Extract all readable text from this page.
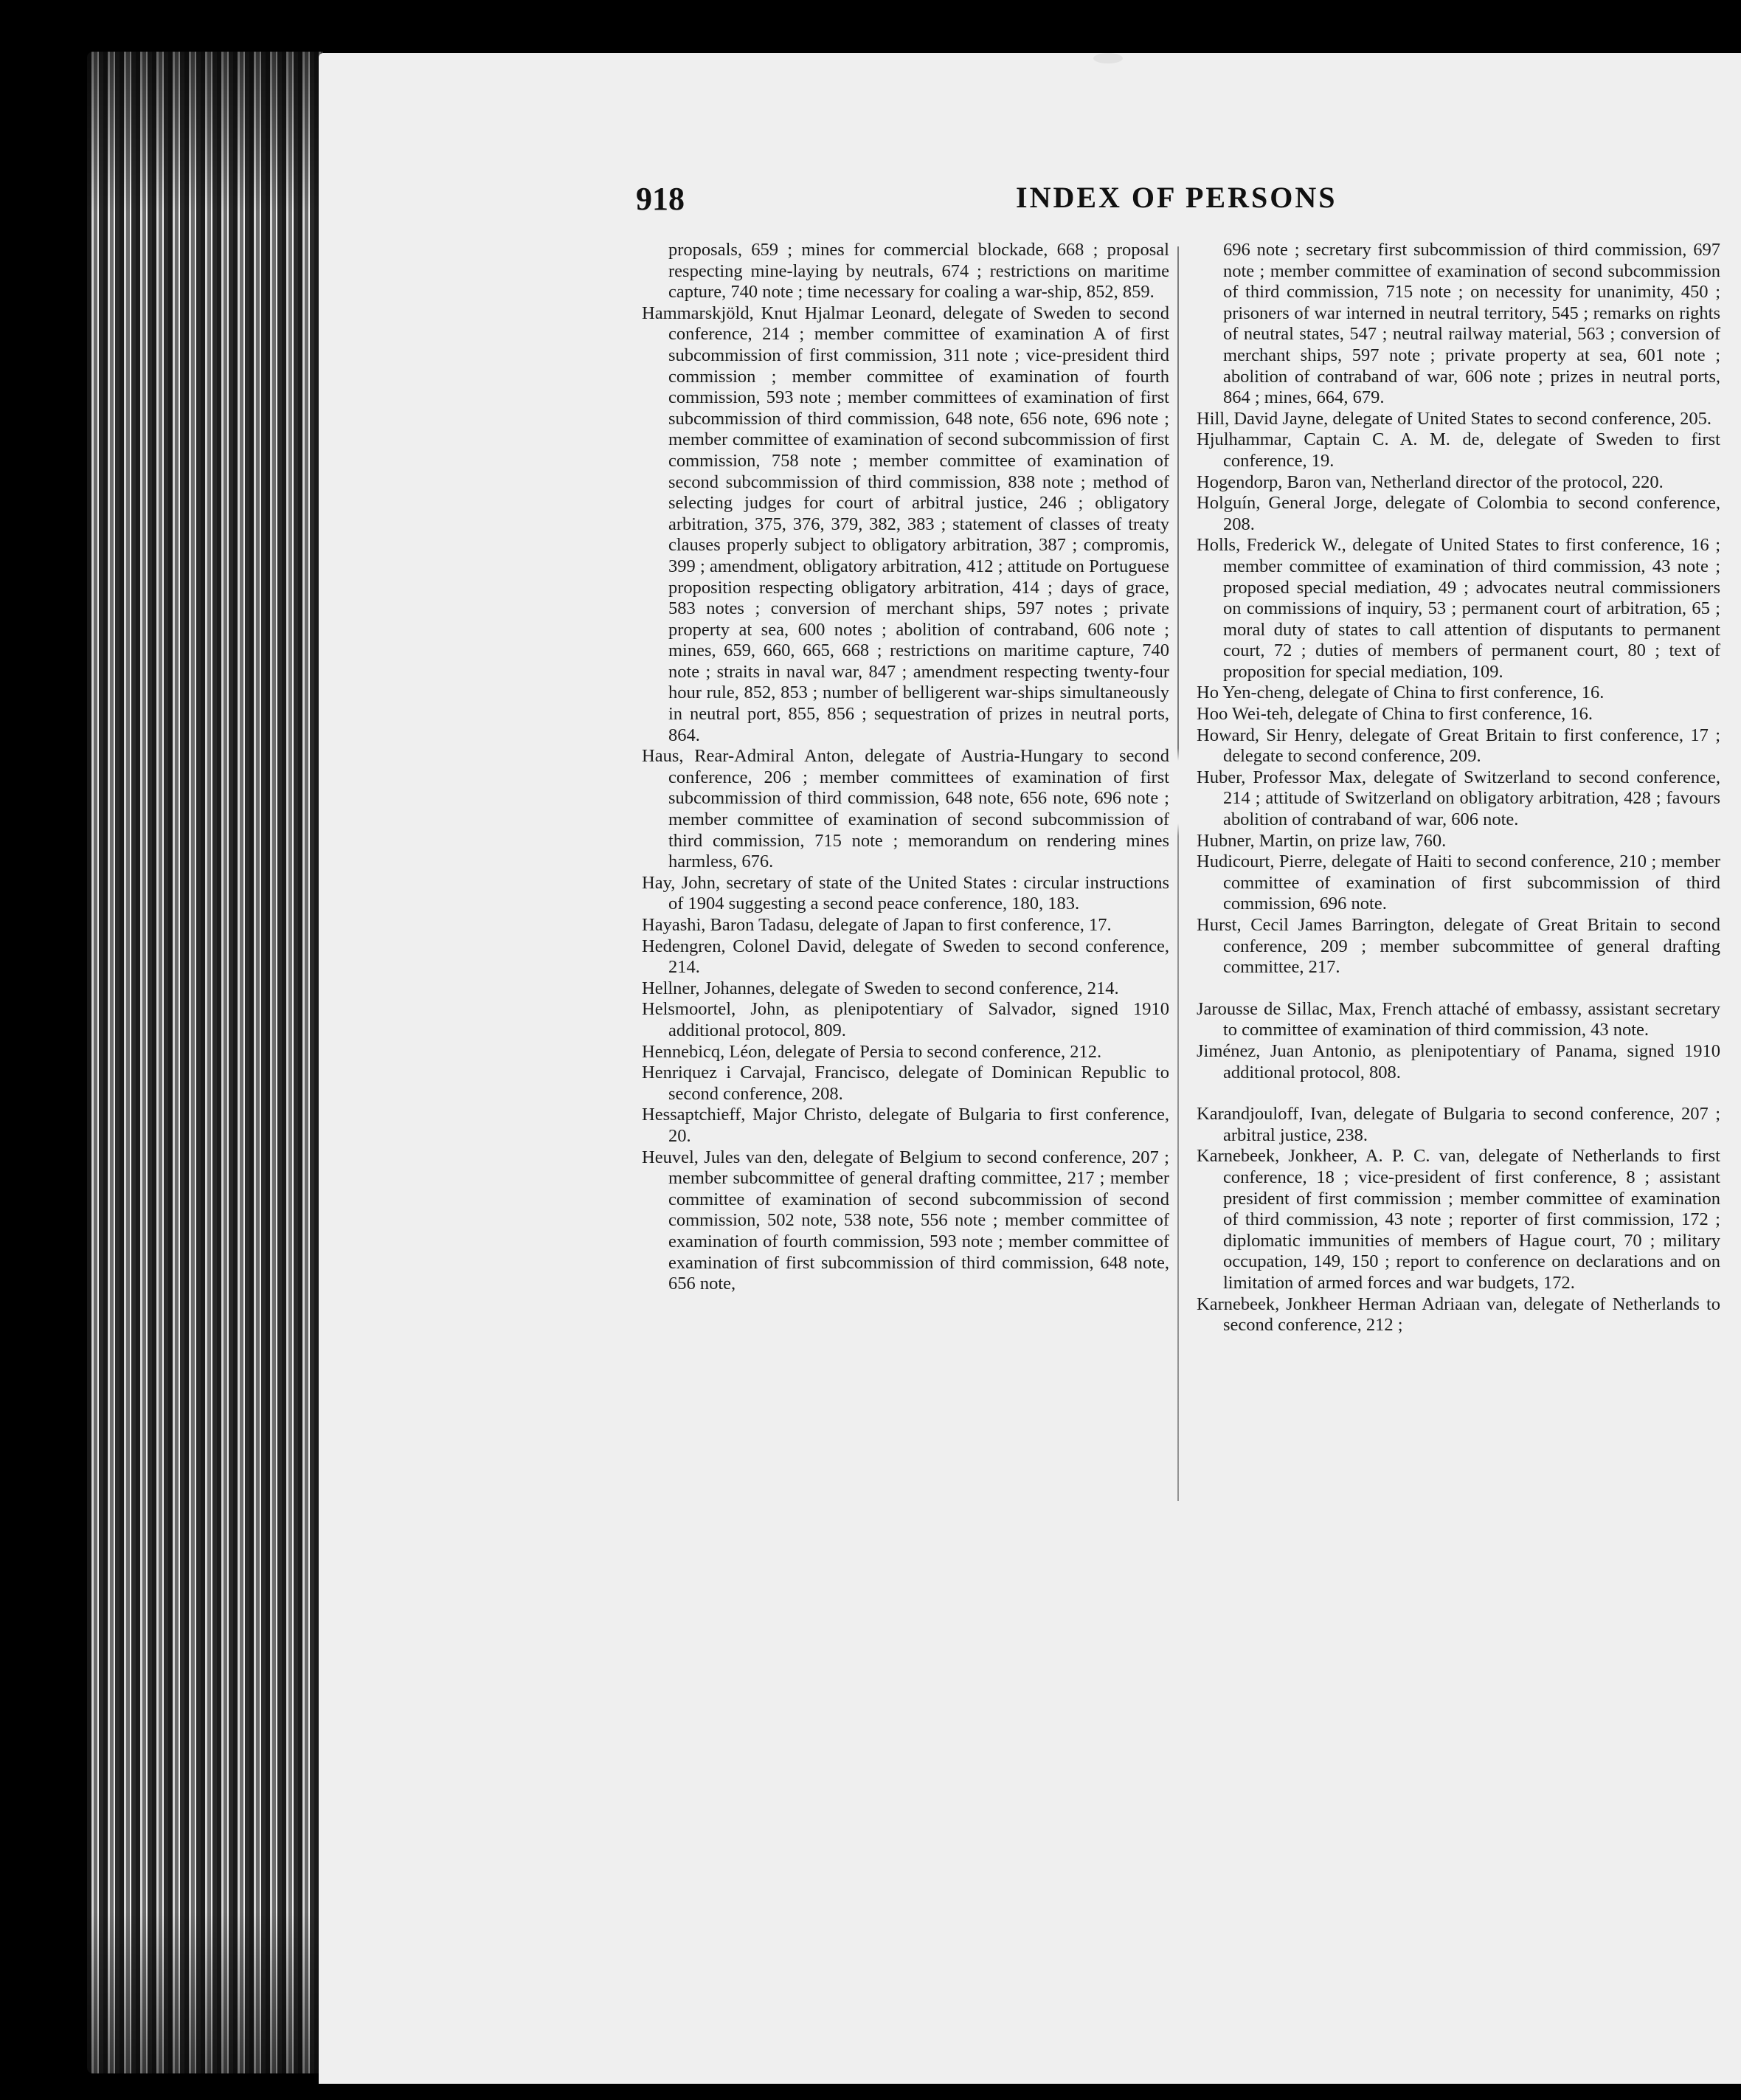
918	INDEX OF PERSONS

proposals, 659 ; mines for commercial blockade, 668 ; proposal respecting mine-laying by neutrals, 674 ; restrictions on maritime capture, 740 note ; time necessary for coaling a war-ship, 852, 859.

Hammarskjöld, Knut Hjalmar Leonard, delegate of Sweden to second conference, 214 ; member committee of examination A of first subcommission of first commission, 311 note ; vice-president third commission ; member committee of examination of fourth commission, 593 note ; member committees of examination of first subcommission of third commission, 648 note, 656 note, 696 note ; member committee of examination of second subcommission of first commission, 758 note ; member committee of examination of second subcommission of third commission, 838 note ; method of selecting judges for court of arbitral justice, 246 ; obligatory arbitration, 375, 376, 379, 382, 383 ; statement of classes of treaty clauses properly subject to obligatory arbitration, 387 ; compromis, 399 ; amendment, obligatory arbitration, 412 ; attitude on Portuguese proposition respecting obligatory arbitration, 414 ; days of grace, 583 notes ; conversion of merchant ships, 597 notes ; private property at sea, 600 notes ; abolition of contraband, 606 note ; mines, 659, 660, 665, 668 ; restrictions on maritime capture, 740 note ; straits in naval war, 847 ; amendment respecting twenty-four hour rule, 852, 853 ; number of belligerent war-ships simultaneously in neutral port, 855, 856 ; sequestration of prizes in neutral ports, 864.

Haus, Rear-Admiral Anton, delegate of Austria-Hungary to second conference, 206 ; member committees of examination of first subcommission of third commission, 648 note, 656 note, 696 note ; member committee of examination of second subcommission of third commission, 715 note ; memorandum on rendering mines harmless, 676.

Hay, John, secretary of state of the United States : circular instructions of 1904 suggesting a second peace conference, 180, 183.

Hayashi, Baron Tadasu, delegate of Japan to first conference, 17.

Hedengren, Colonel David, delegate of Sweden to second conference, 214.

Hellner, Johannes, delegate of Sweden to second conference, 214.

Helsmoortel, John, as plenipotentiary of Salvador, signed 1910 additional protocol, 809.

Hennebicq, Léon, delegate of Persia to second conference, 212.

Henriquez i Carvajal, Francisco, delegate of Dominican Republic to second conference, 208.

Hessaptchieff, Major Christo, delegate of Bulgaria to first conference, 20.

Heuvel, Jules van den, delegate of Belgium to second conference, 207 ; member subcommittee of general drafting committee, 217 ; member committee of examination of second subcommission of second commission, 502 note, 538 note, 556 note ; member committee of examination of fourth commission, 593 note ; member committee of examination of first subcommission of third commission, 648 note, 656 note,

696 note ; secretary first subcommission of third commission, 697 note ; member committee of examination of second subcommission of third commission, 715 note ; on necessity for unanimity, 450 ; prisoners of war interned in neutral territory, 545 ; remarks on rights of neutral states, 547 ; neutral railway material, 563 ; conversion of merchant ships, 597 note ; private property at sea, 601 note ; abolition of contraband of war, 606 note ; prizes in neutral ports, 864 ; mines, 664, 679.

Hill, David Jayne, delegate of United States to second conference, 205.

Hjulhammar, Captain C. A. M. de, delegate of Sweden to first conference, 19.

Hogendorp, Baron van, Netherland director of the protocol, 220.

Holguín, General Jorge, delegate of Colombia to second conference, 208.

Holls, Frederick W., delegate of United States to first conference, 16 ; member committee of examination of third commission, 43 note ; proposed special mediation, 49 ; advocates neutral commissioners on commissions of inquiry, 53 ; permanent court of arbitration, 65 ; moral duty of states to call attention of disputants to permanent court, 72 ; duties of members of permanent court, 80 ; text of proposition for special mediation, 109.

Ho Yen-cheng, delegate of China to first conference, 16.

Hoo Wei-teh, delegate of China to first conference, 16.

Howard, Sir Henry, delegate of Great Britain to first conference, 17 ; delegate to second conference, 209.

Huber, Professor Max, delegate of Switzerland to second conference, 214 ; attitude of Switzerland on obligatory arbitration, 428 ; favours abolition of contraband of war, 606 note.

Hubner, Martin, on prize law, 760.

Hudicourt, Pierre, delegate of Haiti to second conference, 210 ; member committee of examination of first subcommission of third commission, 696 note.

Hurst, Cecil James Barrington, delegate of Great Britain to second conference, 209 ; member subcommittee of general drafting committee, 217.

Jarousse de Sillac, Max, French attaché of embassy, assistant secretary to committee of examination of third commission, 43 note.

Jiménez, Juan Antonio, as plenipotentiary of Panama, signed 1910 additional protocol, 808.

Karandjouloff, Ivan, delegate of Bulgaria to second conference, 207 ; arbitral justice, 238.

Karnebeek, Jonkheer, A. P. C. van, delegate of Netherlands to first conference, 18 ; vice-president of first conference, 8 ; assistant president of first commission ; member committee of examination of third commission, 43 note ; reporter of first commission, 172 ; diplomatic immunities of members of Hague court, 70 ; military occupation, 149, 150 ; report to conference on declarations and on limitation of armed forces and war budgets, 172.

Karnebeek, Jonkheer Herman Adriaan van, delegate of Netherlands to second conference, 212 ;
